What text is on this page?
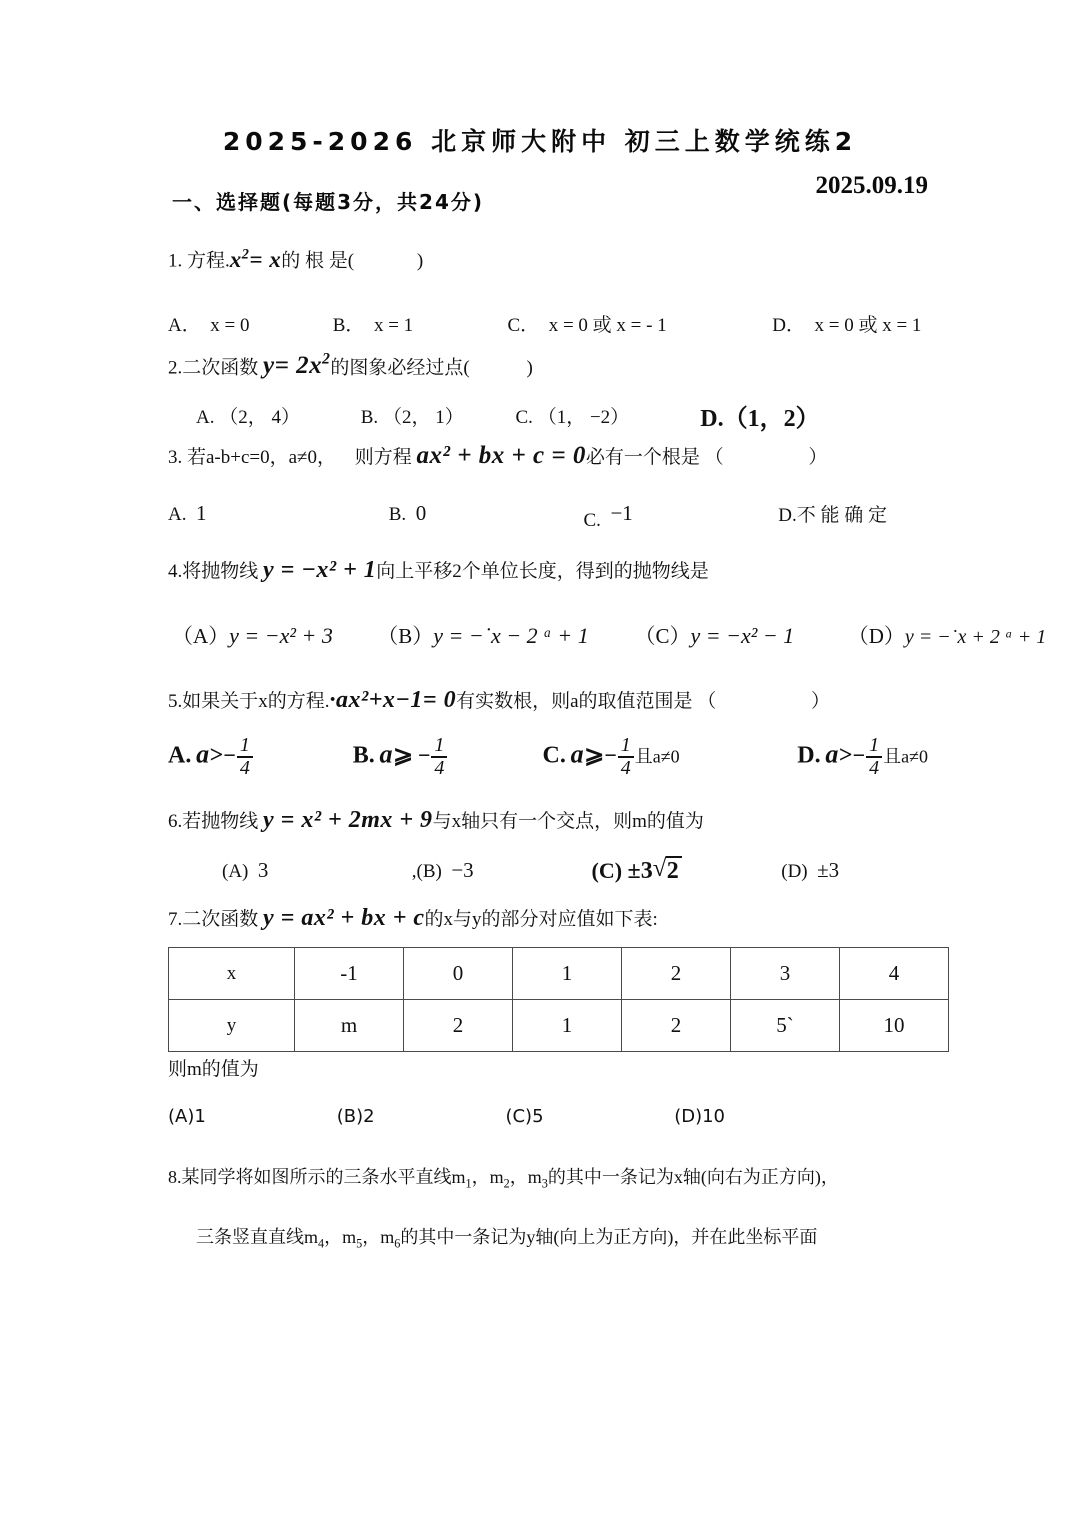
2025-2026 北京师大附中 初三上数学统练2
2025.09.19
一、选择题(每题3分，共24分)
1. 方程$.x^2= x$的 根 是(	)
A． x = 0	B． x = 1	C． x = 0 或 x = - 1	D． x = 0 或 x = 1
2.二次函数 $y= 2x^2$的图象必经过点(	)
A. （2， 4）	B. （2， 1）	C. （1， −2）	D.（1，2）
3. 若a-b+c=0，a≠0， 则方程 ax² + bx + c = 0必有一个根是 （	）
A. 1	B. 0	C. −1	D.不 能 确 定
4.将抛物线 y = −x² + 1向上平移2个单位长度，得到的抛物线是
（A）y = −x² + 3 （B）y = −˙x − 2 ᵃ + 1 （C）y = −x² − 1	（D）y = −˙x + 2 ᵃ + 1
5.如果关于x的方程.·ax²+x−1= 0有实数根，则a的取值范围是 （	）
A. $a>- \frac{1}{4}$	B. a⩾ − $\frac{1}{4}$	C. a⩾− $\frac{1}{4}$ 且a≠0	D. $a>- \frac{1}{4}$ 且a≠0
6.若抛物线 y = x² + 2mx + 9与x轴只有一个交点，则m的值为
(A) 3	,(B) −3	(C) ±3 √ 2	(D) ±3
7.二次函数 y = ax² + bx + c的x与y的部分对应值如下表:
x	-1	0	1	2	3	4
y	m	2	1	2	5`	10
则m的值为
(A)1	(B)2	(C)5	(D)10
8.某同学将如图所示的三条水平直线$m_1$，$m_2$，$m_3$的其中一条记为x轴(向右为正方向)，
三条竖直直线$m_4$，$m_5$，$m_6$的其中一条记为y轴(向上为正方向)，并在此坐标平面
